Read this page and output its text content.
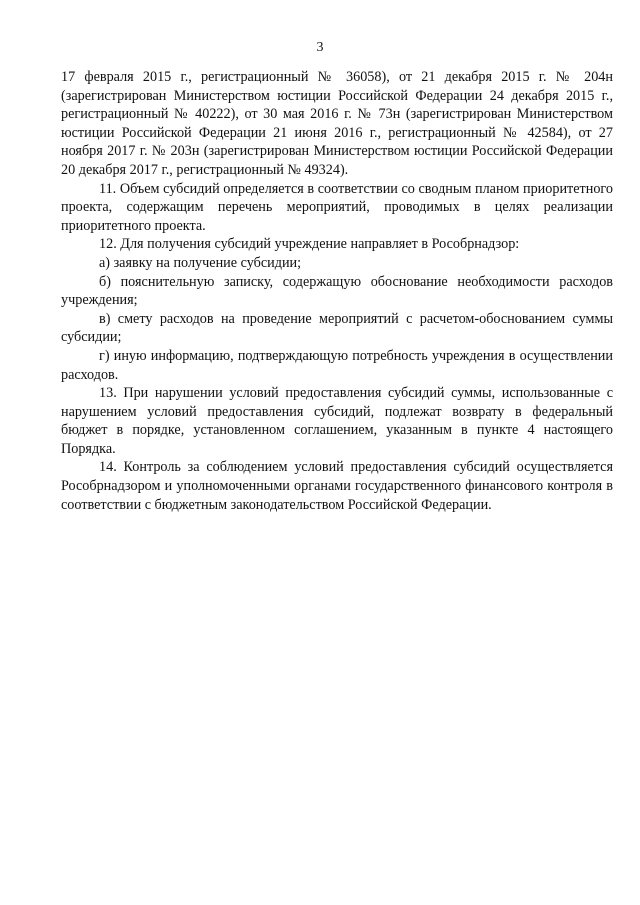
3

17 февраля 2015 г., регистрационный № 36058), от 21 декабря 2015 г. № 204н (зарегистрирован Министерством юстиции Российской Федерации 24 декабря 2015 г., регистрационный № 40222), от 30 мая 2016 г. № 73н (зарегистрирован Министерством юстиции Российской Федерации 21 июня 2016 г., регистрационный № 42584), от 27 ноября 2017 г. № 203н (зарегистрирован Министерством юстиции Российской Федерации 20 декабря 2017 г., регистрационный № 49324).

11. Объем субсидий определяется в соответствии со сводным планом приоритетного проекта, содержащим перечень мероприятий, проводимых в целях реализации приоритетного проекта.

12. Для получения субсидий учреждение направляет в Рособрнадзор:

а) заявку на получение субсидии;

б) пояснительную записку, содержащую обоснование необходимости расходов учреждения;

в) смету расходов на проведение мероприятий с расчетом-обоснованием суммы субсидии;

г) иную информацию, подтверждающую потребность учреждения в осуществлении расходов.

13. При нарушении условий предоставления субсидий суммы, использованные с нарушением условий предоставления субсидий, подлежат возврату в федеральный бюджет в порядке, установленном соглашением, указанным в пункте 4 настоящего Порядка.

14. Контроль за соблюдением условий предоставления субсидий осуществляется Рособрнадзором и уполномоченными органами государственного финансового контроля в соответствии с бюджетным законодательством Российской Федерации.
